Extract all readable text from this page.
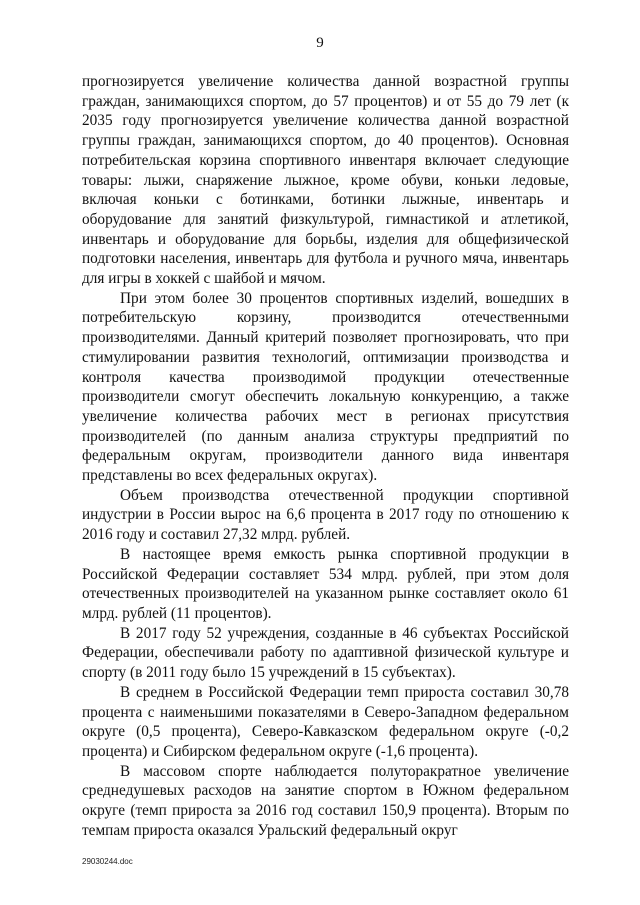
9

прогнозируется увеличение количества данной возрастной группы граждан, занимающихся спортом, до 57 процентов) и от 55 до 79 лет (к 2035 году прогнозируется увеличение количества данной возрастной группы граждан, занимающихся спортом, до 40 процентов). Основная потребительская корзина спортивного инвентаря включает следующие товары: лыжи, снаряжение лыжное, кроме обуви, коньки ледовые, включая коньки с ботинками, ботинки лыжные, инвентарь и оборудование для занятий физкультурой, гимнастикой и атлетикой, инвентарь и оборудование для борьбы, изделия для общефизической подготовки населения, инвентарь для футбола и ручного мяча, инвентарь для игры в хоккей с шайбой и мячом.

При этом более 30 процентов спортивных изделий, вошедших в потребительскую корзину, производится отечественными производителями. Данный критерий позволяет прогнозировать, что при стимулировании развития технологий, оптимизации производства и контроля качества производимой продукции отечественные производители смогут обеспечить локальную конкуренцию, а также увеличение количества рабочих мест в регионах присутствия производителей (по данным анализа структуры предприятий по федеральным округам, производители данного вида инвентаря представлены во всех федеральных округах).

Объем производства отечественной продукции спортивной индустрии в России вырос на 6,6 процента в 2017 году по отношению к 2016 году и составил 27,32 млрд. рублей.

В настоящее время емкость рынка спортивной продукции в Российской Федерации составляет 534 млрд. рублей, при этом доля отечественных производителей на указанном рынке составляет около 61 млрд. рублей (11 процентов).

В 2017 году 52 учреждения, созданные в 46 субъектах Российской Федерации, обеспечивали работу по адаптивной физической культуре и спорту (в 2011 году было 15 учреждений в 15 субъектах).

В среднем в Российской Федерации темп прироста составил 30,78 процента с наименьшими показателями в Северо-Западном федеральном округе (0,5 процента), Северо-Кавказском федеральном округе (-0,2 процента) и Сибирском федеральном округе (-1,6 процента).

В массовом спорте наблюдается полуторакратное увеличение среднедушевых расходов на занятие спортом в Южном федеральном округе (темп прироста за 2016 год составил 150,9 процента). Вторым по темпам прироста оказался Уральский федеральный округ

29030244.doc
